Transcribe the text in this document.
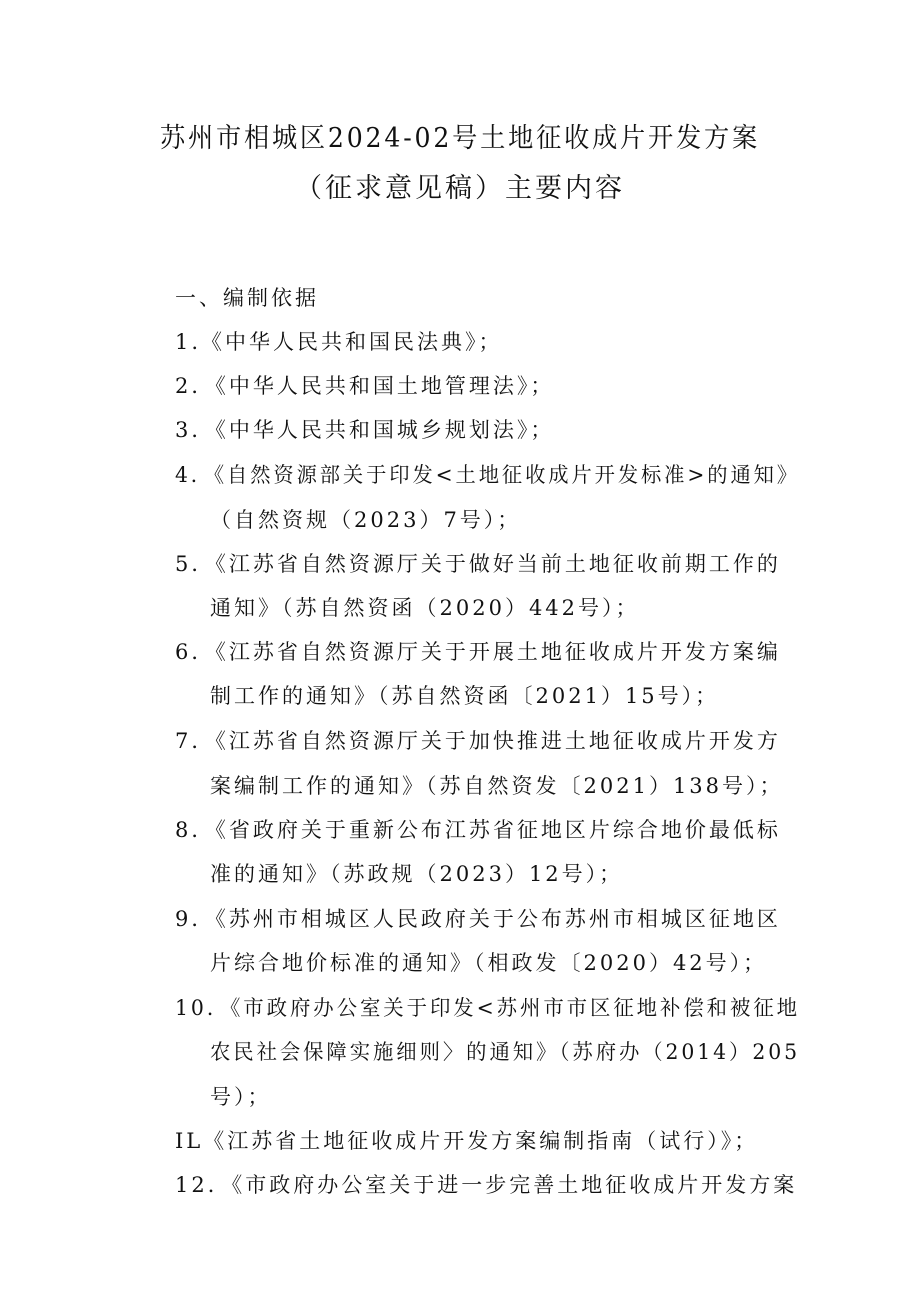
苏州市相城区2024-02号土地征收成片开发方案
（征求意见稿）主要内容
一、编制依据
1.《中华人民共和国民法典》；
2．《中华人民共和国土地管理法》；
3．《中华人民共和国城乡规划法》；
4．《自然资源部关于印发<土地征收成片开发标准>的通知》
（自然资规（2023）7号）；
5．《江苏省自然资源厅关于做好当前土地征收前期工作的
通知》（苏自然资函（2020）442号）；
6．《江苏省自然资源厅关于开展土地征收成片开发方案编
制工作的通知》（苏自然资函〔2021）15号）；
7．《江苏省自然资源厅关于加快推进土地征收成片开发方
案编制工作的通知》（苏自然资发〔2021）138号）；
8．《省政府关于重新公布江苏省征地区片综合地价最低标
准的通知》（苏政规（2023）12号）；
9．《苏州市相城区人民政府关于公布苏州市相城区征地区
片综合地价标准的通知》（相政发〔2020）42号）；
10．《市政府办公室关于印发<苏州市市区征地补偿和被征地
农民社会保障实施细则〉的通知》（苏府办（2014）205
号）；
IL《江苏省土地征收成片开发方案编制指南（试行）》；
12．《市政府办公室关于进一步完善土地征收成片开发方案
